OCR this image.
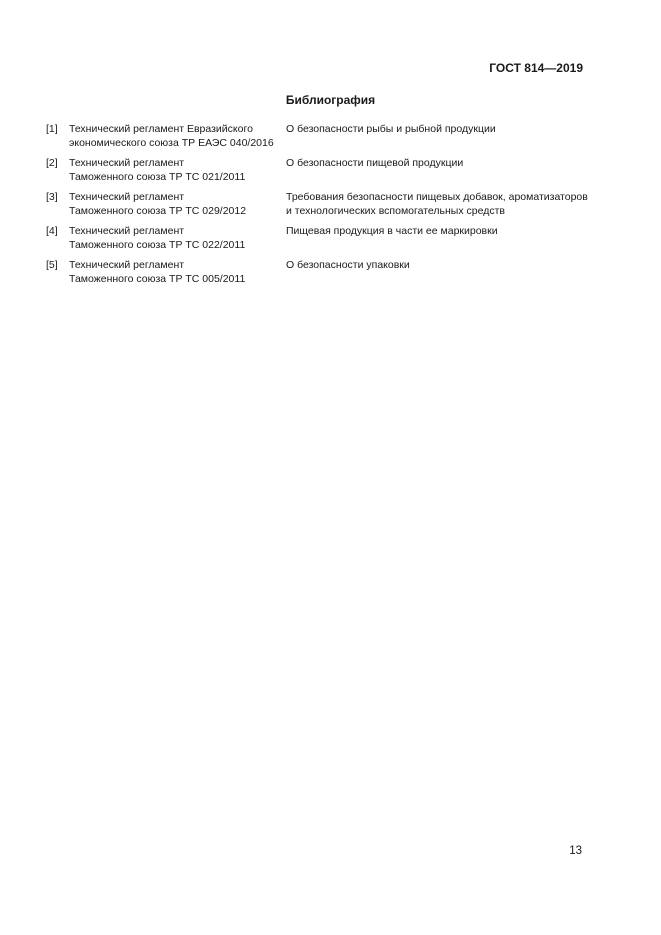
ГОСТ 814—2019
Библиография
[1] Технический регламент Евразийского
экономического союза ТР ЕАЭС 040/2016
О безопасности рыбы и рыбной продукции
[2] Технический регламент
Таможенного союза ТР ТС 021/2011
О безопасности пищевой продукции
[3] Технический регламент
Таможенного союза ТР ТС 029/2012
Требования безопасности пищевых добавок, ароматизаторов и технологических вспомогательных средств
[4] Технический регламент
Таможенного союза ТР ТС 022/2011
Пищевая продукция в части ее маркировки
[5] Технический регламент
Таможенного союза ТР ТС 005/2011
О безопасности упаковки
13
